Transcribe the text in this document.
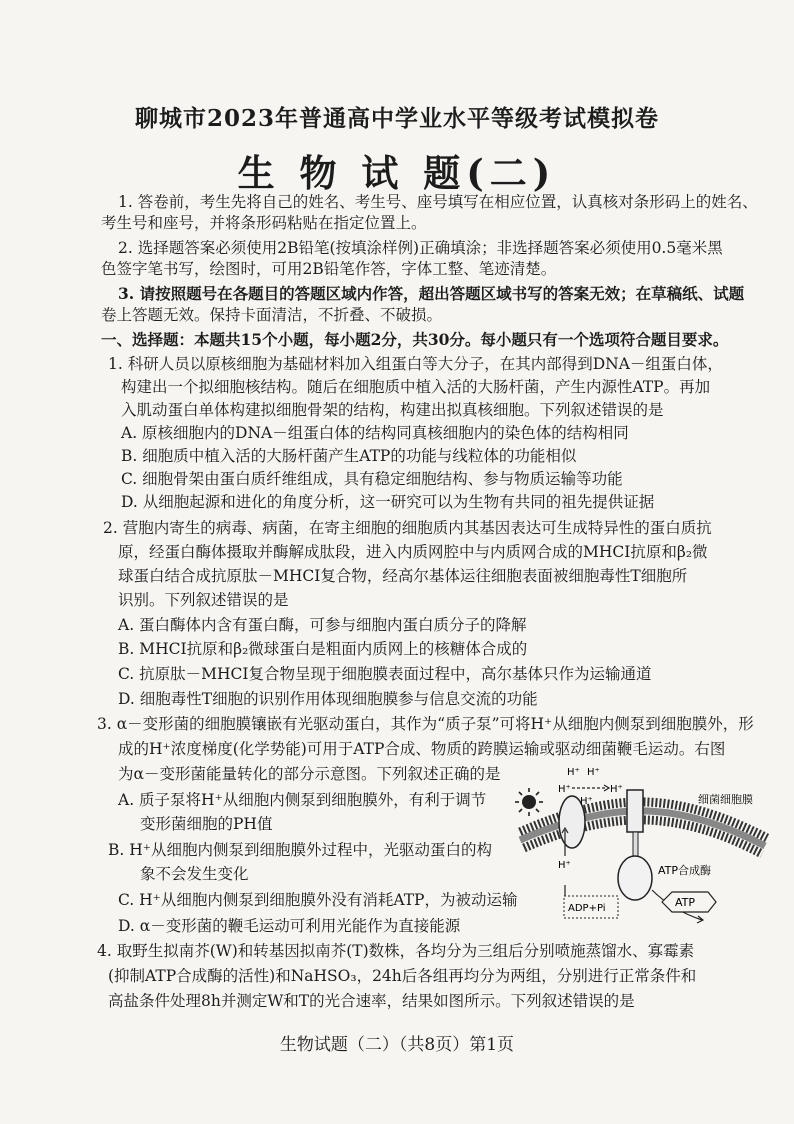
聊城市2023年普通高中学业水平等级考试模拟卷
生 物 试 题(二)
1. 答卷前，考生先将自己的姓名、考生号、座号填写在相应位置，认真核对条形码上的姓名、
考生号和座号，并将条形码粘贴在指定位置上。
2. 选择题答案必须使用2B铅笔(按填涂样例)正确填涂；非选择题答案必须使用0.5毫米黑
色签字笔书写，绘图时，可用2B铅笔作答，字体工整、笔迹清楚。
3. 请按照题号在各题目的答题区域内作答，超出答题区域书写的答案无效；在草稿纸、试题
卷上答题无效。保持卡面清洁，不折叠、不破损。
一、选择题：本题共15个小题，每小题2分，共30分。每小题只有一个选项符合题目要求。
1. 科研人员以原核细胞为基础材料加入组蛋白等大分子，在其内部得到DNA－组蛋白体，
构建出一个拟细胞核结构。随后在细胞质中植入活的大肠杆菌，产生内源性ATP。再加
入肌动蛋白单体构建拟细胞骨架的结构，构建出拟真核细胞。下列叙述错误的是
A. 原核细胞内的DNA－组蛋白体的结构同真核细胞内的染色体的结构相同
B. 细胞质中植入活的大肠杆菌产生ATP的功能与线粒体的功能相似
C. 细胞骨架由蛋白质纤维组成，具有稳定细胞结构、参与物质运输等功能
D. 从细胞起源和进化的角度分析，这一研究可以为生物有共同的祖先提供证据
2. 营胞内寄生的病毒、病菌，在寄主细胞的细胞质内其基因表达可生成特异性的蛋白质抗
原，经蛋白酶体摄取并酶解成肽段，进入内质网腔中与内质网合成的MHCⅠ抗原和β₂微
球蛋白结合成抗原肽－MHCⅠ复合物，经高尔基体运往细胞表面被细胞毒性T细胞所
识别。下列叙述错误的是
A. 蛋白酶体内含有蛋白酶，可参与细胞内蛋白质分子的降解
B. MHCⅠ抗原和β₂微球蛋白是粗面内质网上的核糖体合成的
C. 抗原肽－MHCⅠ复合物呈现于细胞膜表面过程中，高尔基体只作为运输通道
D. 细胞毒性T细胞的识别作用体现细胞膜参与信息交流的功能
3. α－变形菌的细胞膜镶嵌有光驱动蛋白，其作为“质子泵”可将H⁺从细胞内侧泵到细胞膜外，形
成的H⁺浓度梯度(化学势能)可用于ATP合成、物质的跨膜运输或驱动细菌鞭毛运动。右图
为α－变形菌能量转化的部分示意图。下列叙述正确的是
A. 质子泵将H⁺从细胞内侧泵到细胞膜外，有利于调节
变形菌细胞的PH值
B. H⁺从细胞内侧泵到细胞膜外过程中，光驱动蛋白的构
象不会发生变化
C. H⁺从细胞内侧泵到细胞膜外没有消耗ATP，为被动运输
D. α－变形菌的鞭毛运动可利用光能作为直接能源
H⁺ H⁺
H⁺	H⁺
H⁺
H⁺
ADP+Pi
细菌细胞膜
ATP合成酶
ATP
4. 取野生拟南芥(W)和转基因拟南芥(T)数株，各均分为三组后分别喷施蒸馏水、寡霉素
(抑制ATP合成酶的活性)和NaHSO₃，24h后各组再均分为两组，分别进行正常条件和
高盐条件处理8h并测定W和T的光合速率，结果如图所示。下列叙述错误的是
生物试题（二）（共8页）第1页
